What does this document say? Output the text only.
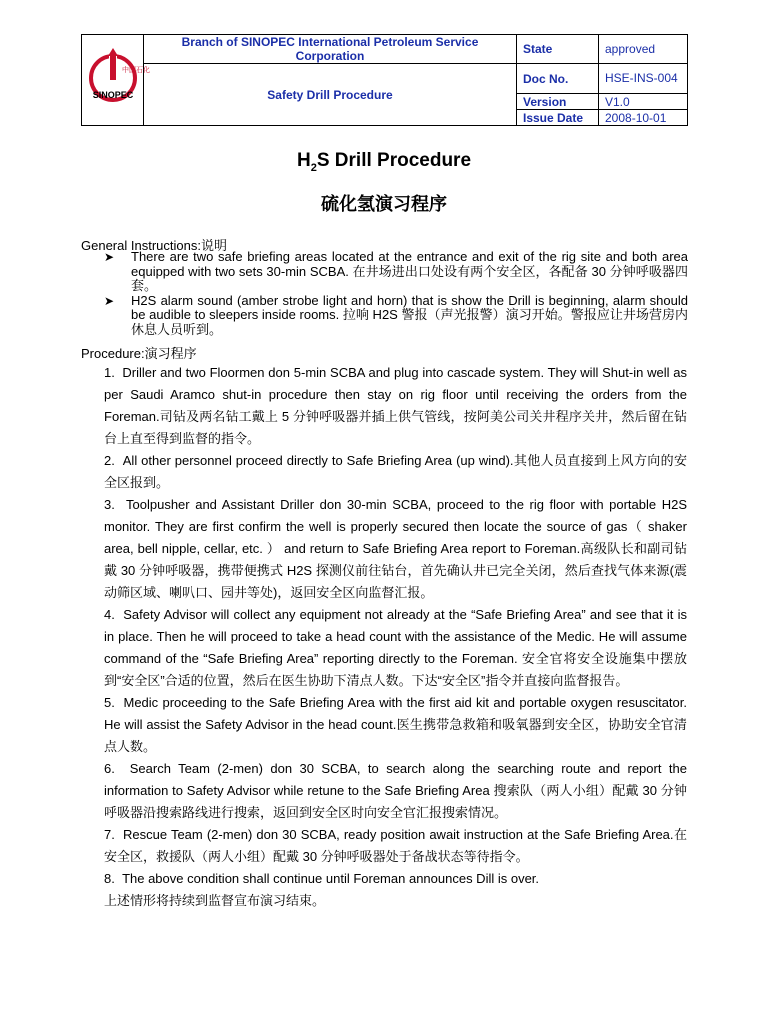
中国石化
SINOPEC	Branch of SINOPEC International Petroleum Service Corporation	State	approved
	Safety Drill Procedure	Doc No.	HSE-INS-004
		Version	V1.0
		Issue Date	2008-10-01
$H_2S$ Drill Procedure
硫化氢演习程序
General Instructions:说明
➤ There are two safe briefing areas located at the entrance and exit of the rig site and both area equipped with two sets 30-min SCBA. 在井场进出口处设有两个安全区，各配备 30 分钟呼吸器四套。
➤ H2S alarm sound (amber strobe light and horn) that is show the Drill is beginning, alarm should be audible to sleepers inside rooms. 拉响 H2S 警报（声光报警）演习开始。警报应让井场营房内休息人员听到。
Procedure:演习程序

1.  Driller and two Floormen don 5-min SCBA and plug into cascade system. They will Shut-in well as per Saudi Aramco shut-in procedure then stay on rig floor until receiving the orders from the Foreman.司钻及两名钻工戴上 5 分钟呼吸器并插上供气管线，按阿美公司关井程序关井，然后留在钻台上直至得到监督的指令。

2.  All other personnel proceed directly to Safe Briefing Area (up wind).其他人员直接到上风方向的安全区报到。

3.  Toolpusher and Assistant Driller don 30-min SCBA, proceed to the rig floor with portable H2S monitor. They are first confirm the well is properly secured then locate the source of gas（ shaker area, bell nipple, cellar, etc. ） and return to Safe Briefing Area report to Foreman.高级队长和副司钻戴 30 分钟呼吸器，携带便携式 H2S 探测仪前往钻台，首先确认井已完全关闭，然后查找气体来源(震动筛区域、喇叭口、园井等处)，返回安全区向监督汇报。

4.  Safety Advisor will collect any equipment not already at the “Safe Briefing Area” and see that it is in place. Then he will proceed to take a head count with the assistance of the Medic. He will assume command of the “Safe Briefing Area” reporting directly to the Foreman. 安全官将安全设施集中摆放到“安全区”合适的位置，然后在医生协助下清点人数。下达“安全区”指令并直接向监督报告。

5.  Medic proceeding to the Safe Briefing Area with the first aid kit and portable oxygen resuscitator. He will assist the Safety Advisor in the head count.医生携带急救箱和吸氧器到安全区，协助安全官清点人数。

6.  Search Team (2-men) don 30 SCBA, to search along the searching route and report the information to Safety Advisor while retune to the Safe Briefing Area 搜索队（两人小组）配戴 30 分钟呼吸器沿搜索路线进行搜索，返回到安全区时向安全官汇报搜索情况。

7.  Rescue Team (2-men) don 30 SCBA, ready position await instruction at the Safe Briefing Area.在安全区，救援队（两人小组）配戴 30 分钟呼吸器处于备战状态等待指令。

8.  The above condition shall continue until Foreman announces Dill is over.

上述情形将持续到监督宣布演习结束。
